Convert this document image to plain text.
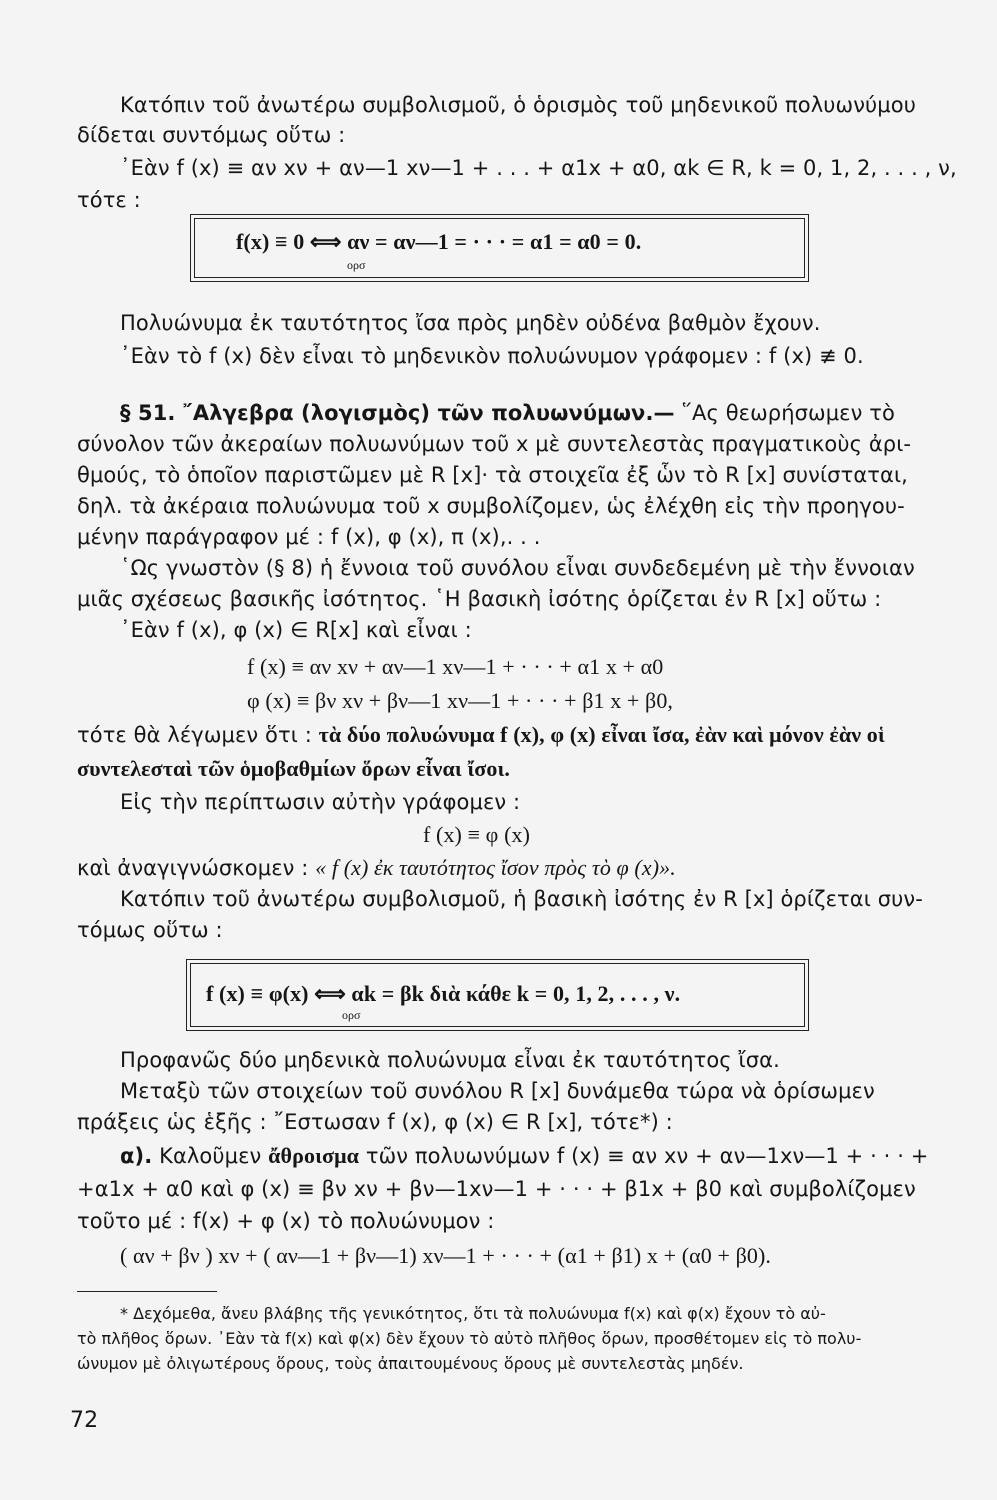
Κατόπιν τοῦ ἀνωτέρω συμβολισμοῦ, ὁ ὁρισμὸς τοῦ μηδενικοῦ πολυωνύμου
δίδεται συντόμως οὕτω :
᾿Εὰν f (x) ≡ αν xν + αν—1 xν—1 + . . . + α1x + α0, αk ∈ R, k = 0, 1, 2, . . . , ν,
τότε :
f(x) ≡ 0 ⟺ αν = αν—1 = · · · = α1 = α0 = 0.
ορσ
Πολυώνυμα ἐκ ταυτότητος ἴσα πρὸς μηδὲν οὐδένα βαθμὸν ἔχουν.
᾿Εὰν τὸ f (x) δὲν εἶναι τὸ μηδενικὸν πολυώνυμον γράφομεν : f (x) ≢ 0.
§ 51. ῎Αλγεβρα (λογισμὸς) τῶν πολυωνύμων.— ῞Ας θεωρήσωμεν τὸ
σύνολον τῶν ἀκεραίων πολυωνύμων τοῦ x μὲ συντελεστὰς πραγματικοὺς ἀρι-
θμούς, τὸ ὁποῖον παριστῶμεν μὲ R [x]· τὰ στοιχεῖα ἐξ ὧν τὸ R [x] συνίσταται,
δηλ. τὰ ἀκέραια πολυώνυμα τοῦ x συμβολίζομεν, ὡς ἐλέχθη εἰς τὴν προηγου-
μένην παράγραφον μέ : f (x), φ (x), π (x),. . .
῾Ως γνωστὸν (§ 8) ἡ ἔννοια τοῦ συνόλου εἶναι συνδεδεμένη μὲ τὴν ἔννοιαν
μιᾶς σχέσεως βασικῆς ἰσότητος. ῾Η βασικὴ ἰσότης ὁρίζεται ἐν R [x] οὕτω :
᾿Εὰν f (x), φ (x) ∈ R[x] καὶ εἶναι :
f (x) ≡ αν xν + αν—1 xν—1 + · · · + α1 x + α0
φ (x) ≡ βν xν + βν—1 xν—1 + · · · + β1 x + β0,
τότε θὰ λέγωμεν ὅτι : τὰ δύο πολυώνυμα f (x), φ (x) εἶναι ἴσα, ἐὰν καὶ μόνον ἐὰν οἱ
συντελεσταὶ τῶν ὁμοβαθμίων ὅρων εἶναι ἴσοι.
Εἰς τὴν περίπτωσιν αὐτὴν γράφομεν :
f (x) ≡ φ (x)
καὶ ἀναγιγνώσκομεν : « f (x) ἐκ ταυτότητος ἴσον πρὸς τὸ φ (x)».
Κατόπιν τοῦ ἀνωτέρω συμβολισμοῦ, ἡ βασικὴ ἰσότης ἐν R [x] ὁρίζεται συν-
τόμως οὕτω :
f (x) ≡ φ(x) ⟺ αk = βk διὰ κάθε k = 0, 1, 2, . . . , ν.
ορσ
Προφανῶς δύο μηδενικὰ πολυώνυμα εἶναι ἐκ ταυτότητος ἴσα.
Μεταξὺ τῶν στοιχείων τοῦ συνόλου R [x] δυνάμεθα τώρα νὰ ὁρίσωμεν
πράξεις ὡς ἑξῆς : ῎Εστωσαν f (x), φ (x) ∈ R [x], τότε*) :
α). Καλοῦμεν ἄθροισμα τῶν πολυωνύμων f (x) ≡ αν xν + αν—1xν—1 + · · · +
+α1x + α0 καὶ φ (x) ≡ βν xν + βν—1xν—1 + · · · + β1x + β0 καὶ συμβολίζομεν
τοῦτο μέ : f(x) + φ (x) τὸ πολυώνυμον :
( αν + βν ) xν + ( αν—1 + βν—1) xν—1 + · · · + (α1 + β1) x + (α0 + β0).
* Δεχόμεθα, ἄνευ βλάβης τῆς γενικότητος, ὅτι τὰ πολυώνυμα f(x) καὶ φ(x) ἔχουν τὸ αὐ-
τὸ πλῆθος ὅρων. ᾿Εὰν τὰ f(x) καὶ φ(x) δὲν ἔχουν τὸ αὐτὸ πλῆθος ὅρων, προσθέτομεν εἰς τὸ πολυ-
ώνυμον μὲ ὀλιγωτέρους ὅρους, τοὺς ἀπαιτουμένους ὅρους μὲ συντελεστὰς μηδέν.
72
